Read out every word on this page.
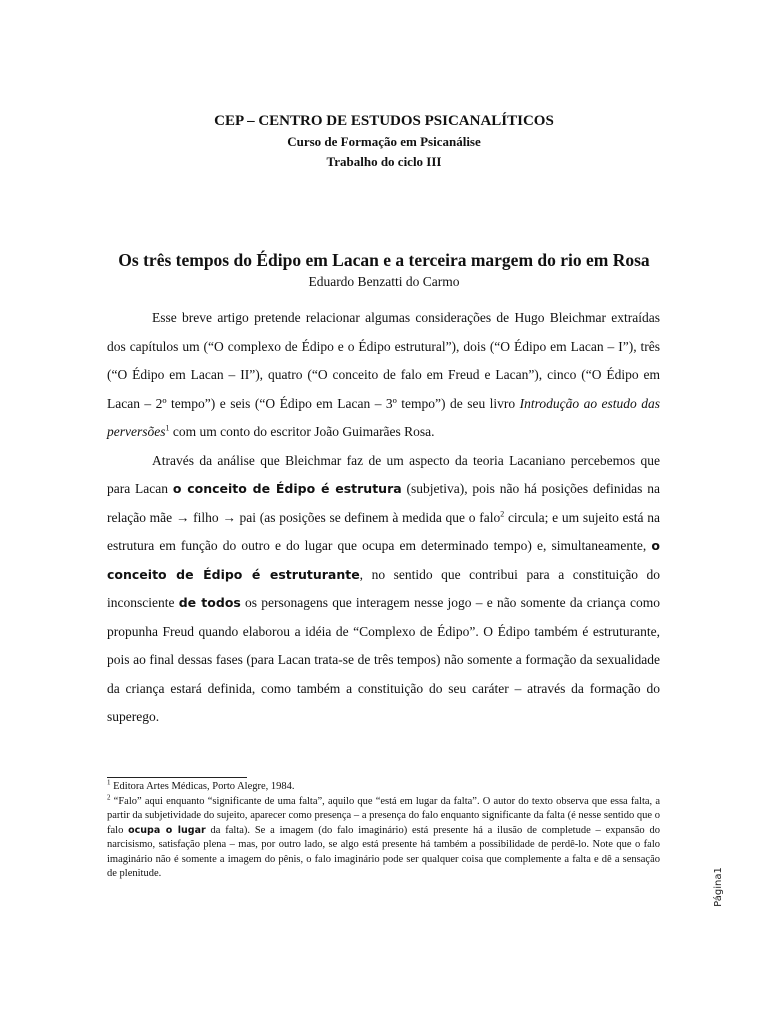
CEP – CENTRO DE ESTUDOS PSICANALÍTICOS
Curso de Formação em Psicanálise
Trabalho do ciclo III
Os três tempos do Édipo em Lacan e a terceira margem do rio em Rosa
Eduardo Benzatti do Carmo

Esse breve artigo pretende relacionar algumas considerações de Hugo Bleichmar extraídas dos capítulos um (“O complexo de Édipo e o Édipo estrutural”), dois (“O Édipo em Lacan – I”), três (“O Édipo em Lacan – II”), quatro (“O conceito de falo em Freud e Lacan”), cinco (“O Édipo em Lacan – 2º tempo”) e seis (“O Édipo em Lacan – 3º tempo”) de seu livro Introdução ao estudo das perversões$^1$ com um conto do escritor João Guimarães Rosa.

Através da análise que Bleichmar faz de um aspecto da teoria Lacaniano percebemos que para Lacan o conceito de Édipo é estrutura (subjetiva), pois não há posições definidas na relação mãe → filho → pai (as posições se definem à medida que o falo$^2$ circula; e um sujeito está na estrutura em função do outro e do lugar que ocupa em determinado tempo) e, simultaneamente, o conceito de Édipo é estruturante, no sentido que contribui para a constituição do inconsciente de todos os personagens que interagem nesse jogo – e não somente da criança como propunha Freud quando elaborou a idéia de “Complexo de Édipo”. O Édipo também é estruturante, pois ao final dessas fases (para Lacan trata-se de três tempos) não somente a formação da sexualidade da criança estará definida, como também a constituição do seu caráter – através da formação do superego.

$^1$ Editora Artes Médicas, Porto Alegre, 1984.

$^2$ “Falo” aqui enquanto “significante de uma falta”, aquilo que “está em lugar da falta”. O autor do texto observa que essa falta, a partir da subjetividade do sujeito, aparecer como presença – a presença do falo enquanto significante da falta (é nesse sentido que o falo ocupa o lugar da falta). Se a imagem (do falo imaginário) está presente há a ilusão de completude – expansão do narcisismo, satisfação plena – mas, por outro lado, se algo está presente há também a possibilidade de perdê-lo. Note que o falo imaginário não é somente a imagem do pênis, o falo imaginário pode ser qualquer coisa que complemente a falta e dê a sensação de plenitude.	Página1
